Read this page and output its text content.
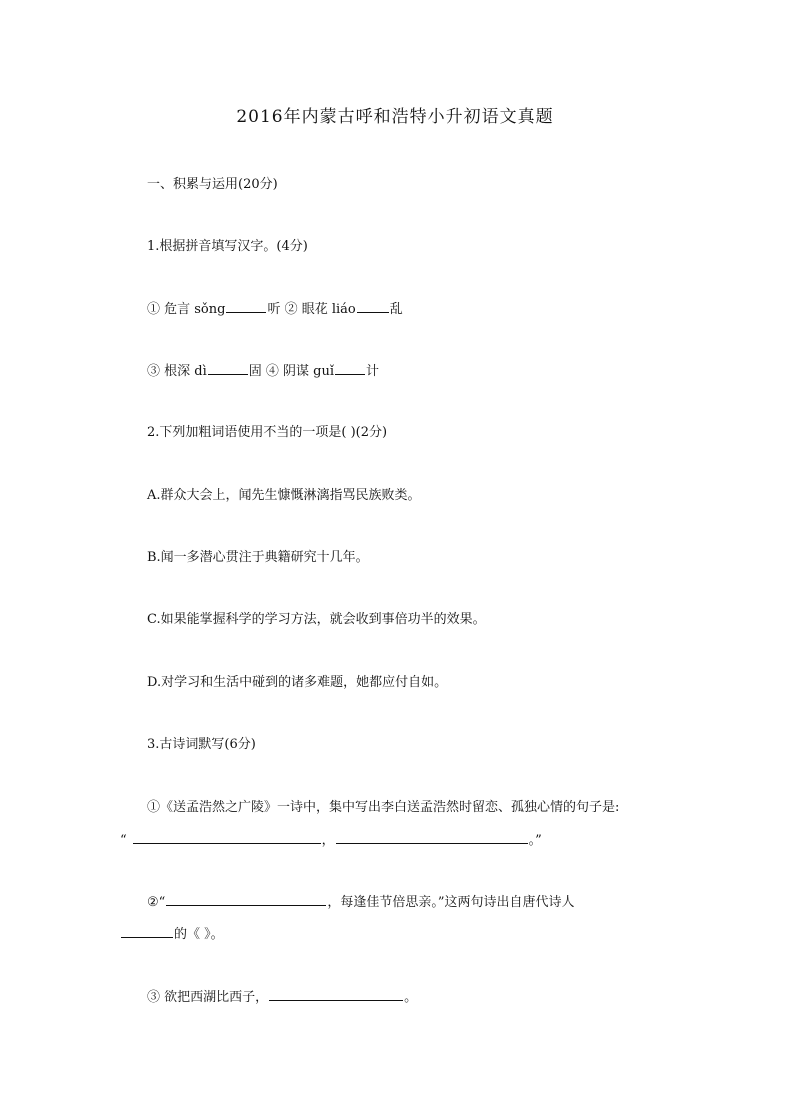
2016年内蒙古呼和浩特小升初语文真题
一、积累与运用(20分)
1.根据拼音填写汉字。(4分)
① 危言 sǒng	听 ② 眼花 liáo	乱
③ 根深 dì	固 ④ 阴谋 guǐ 计
2.下列加粗词语使用不当的一项是( )(2分)
A.群众大会上，闻先生慷慨淋漓指骂民族败类。
B.闻一多潜心贯注于典籍研究十几年。
C.如果能掌握科学的学习方法，就会收到事倍功半的效果。
D.对学习和生活中碰到的诸多难题，她都应付自如。
3.古诗词默写(6分)
①《送孟浩然之广陵》一诗中，集中写出李白送孟浩然时留恋、孤独心情的句子是:
“	，	。”
②“	，每逢佳节倍思亲。”这两句诗出自唐代诗人
的《 》。
③ 欲把西湖比西子，	。
